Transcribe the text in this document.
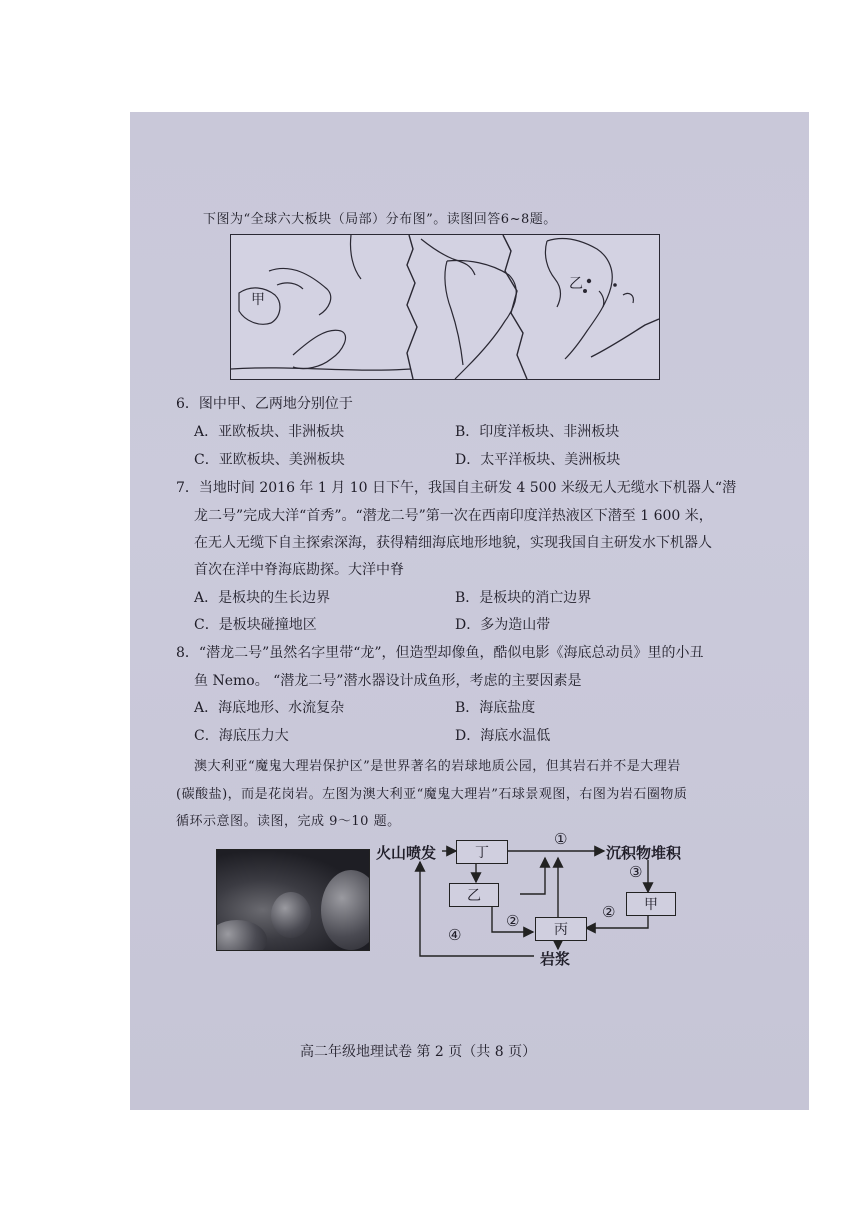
下图为“全球六大板块（局部）分布图”。读图回答6~8题。
甲
乙
6．图中甲、乙两地分别位于
A．亚欧板块、非洲板块	B．印度洋板块、非洲板块
C．亚欧板块、美洲板块	D．太平洋板块、美洲板块
7．当地时间 2016 年 1 月 10 日下午，我国自主研发 4 500 米级无人无缆水下机器人“潜
龙二号”完成大洋“首秀”。“潜龙二号”第一次在西南印度洋热液区下潜至 1 600 米，
在无人无缆下自主探索深海，获得精细海底地形地貌，实现我国自主研发水下机器人
首次在洋中脊海底勘探。大洋中脊
A．是板块的生长边界	B．是板块的消亡边界
C．是板块碰撞地区	D．多为造山带
8．“潜龙二号”虽然名字里带“龙”，但造型却像鱼，酷似电影《海底总动员》里的小丑
鱼 Nemo。 “潜龙二号”潜水器设计成鱼形，考虑的主要因素是
A．海底地形、水流复杂	B．海底盐度
C．海底压力大	D．海底水温低
澳大利亚“魔鬼大理岩保护区”是世界著名的岩球地质公园，但其岩石并不是大理岩
(碳酸盐)，而是花岗岩。左图为澳大利亚“魔鬼大理岩”石球景观图，右图为岩石圈物质
循环示意图。读图，完成 9～10 题。
火山喷发	丁	沉积物堆积
①
乙
③
甲
②	②
丙
④
岩浆
高二年级地理试卷 第 2 页（共 8 页）
